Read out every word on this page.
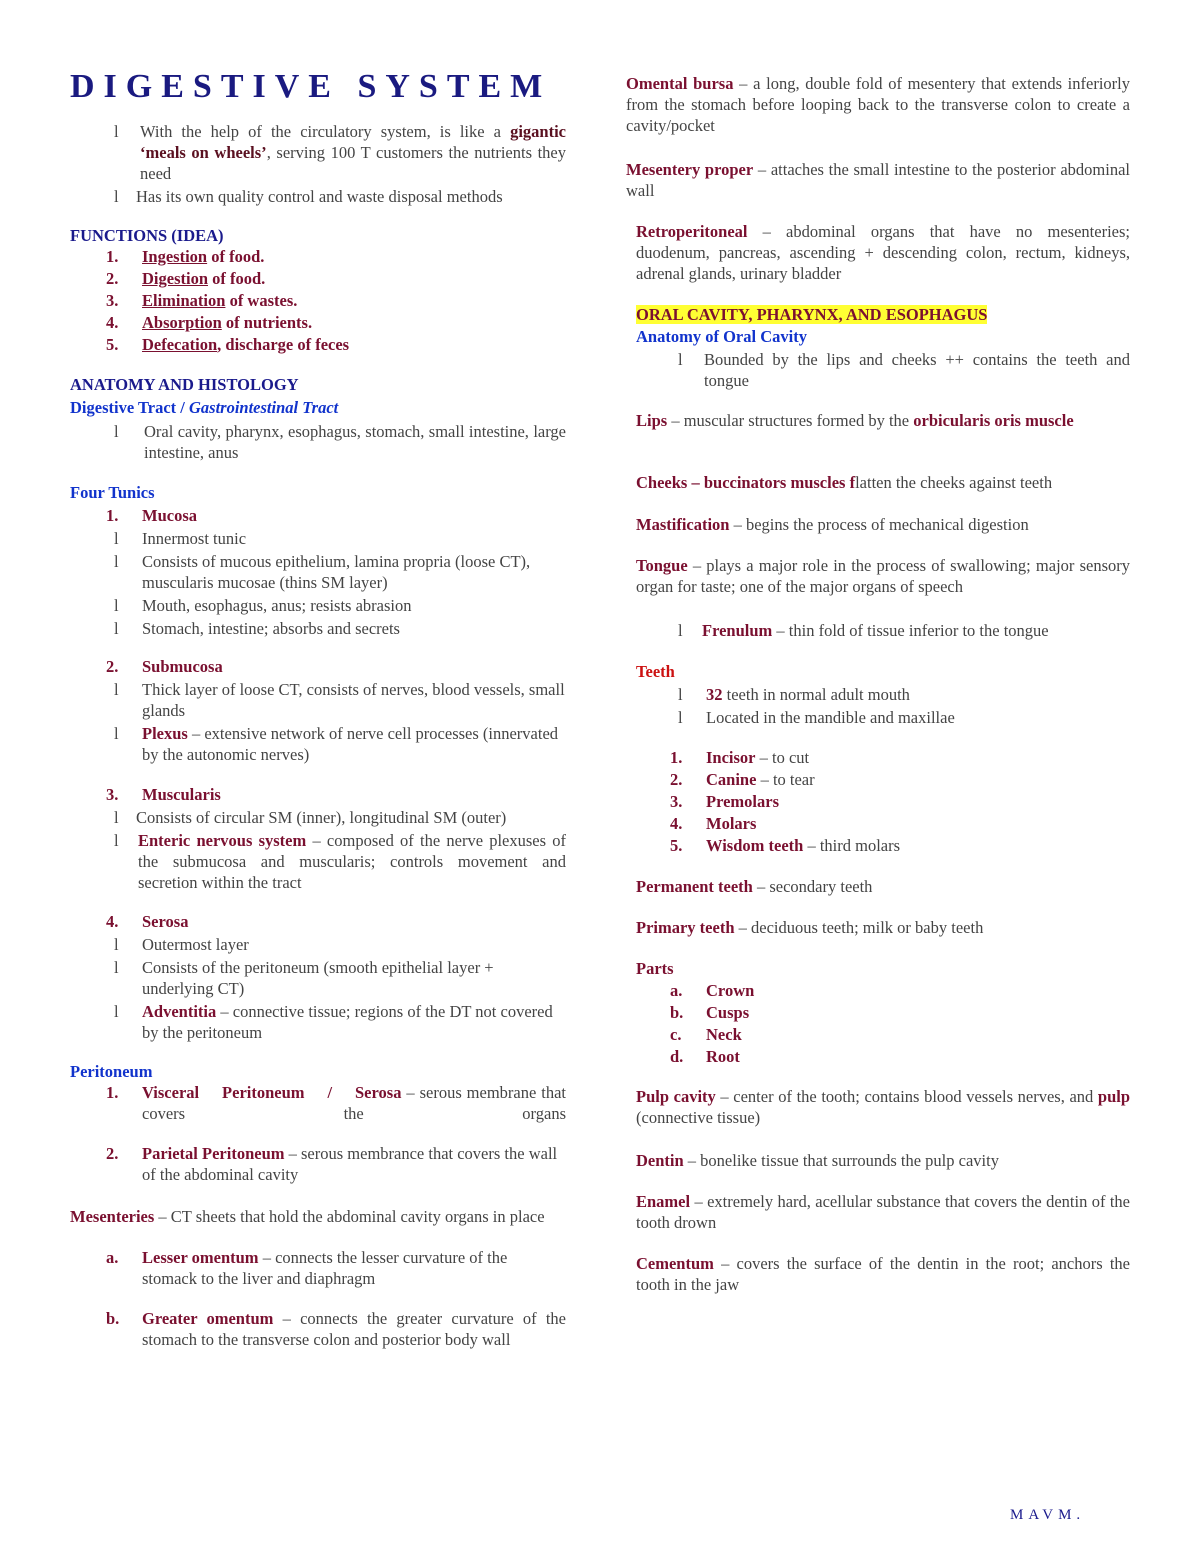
DIGESTIVE SYSTEM
l	With the help of the circulatory system, is like a gigantic ‘meals on wheels’, serving 100 T customers the nutrients they need
l	Has its own quality control and waste disposal methods
FUNCTIONS (IDEA)
1.	Ingestion of food.
2.	Digestion of food.
3.	Elimination of wastes.
4.	Absorption of nutrients.
5.	Defecation, discharge of feces
ANATOMY AND HISTOLOGY
Digestive Tract / Gastrointestinal Tract
l	Oral cavity, pharynx, esophagus, stomach, small intestine, large intestine, anus
Four Tunics
1.	Mucosa
l	Innermost tunic
l	Consists of mucous epithelium, lamina propria (loose CT), muscularis mucosae (thins SM layer)
l	Mouth, esophagus, anus; resists abrasion
l	Stomach, intestine; absorbs and secrets
2.	Submucosa
l	Thick layer of loose CT, consists of nerves, blood vessels, small glands
l	Plexus – extensive network of nerve cell processes (innervated by the autonomic nerves)
3.	Muscularis
l	Consists of circular SM (inner), longitudinal SM (outer)
l	Enteric nervous system – composed of the nerve plexuses of the submucosa and muscularis; controls movement and secretion within the tract
4.	Serosa
l	Outermost layer
l	Consists of the peritoneum (smooth epithelial layer + underlying CT)
l	Adventitia – connective tissue; regions of the DT not covered by the peritoneum
Peritoneum
1.	Visceral Peritoneum / Serosa – serous membrane that covers the organs
2.	Parietal Peritoneum – serous membrance that covers the wall of the abdominal cavity
Mesenteries – CT sheets that hold the abdominal cavity organs in place
a.	Lesser omentum – connects the lesser curvature of the stomack to the liver and diaphragm
b.	Greater omentum – connects the greater curvature of the stomach to the transverse colon and posterior body wall
Omental bursa – a long, double fold of mesentery that extends inferiorly from the stomach before looping back to the transverse colon to create a cavity/pocket
Mesentery proper – attaches the small intestine to the posterior abdominal wall
Retroperitoneal – abdominal organs that have no mesenteries; duodenum, pancreas, ascending + descending colon, rectum, kidneys, adrenal glands, urinary bladder
ORAL CAVITY, PHARYNX, AND ESOPHAGUS
Anatomy of Oral Cavity
l	Bounded by the lips and cheeks ++ contains the teeth and tongue
Lips – muscular structures formed by the orbicularis oris muscle
Cheeks – buccinators muscles flatten the cheeks against teeth
Mastification – begins the process of mechanical digestion
Tongue – plays a major role in the process of swallowing; major sensory organ for taste; one of the major organs of speech
l	Frenulum – thin fold of tissue inferior to the tongue
Teeth
l	32 teeth in normal adult mouth
l	Located in the mandible and maxillae
1.	Incisor – to cut
2.	Canine – to tear
3.	Premolars
4.	Molars
5.	Wisdom teeth – third molars
Permanent teeth – secondary teeth
Primary teeth – deciduous teeth; milk or baby teeth
Parts
a.	Crown
b.	Cusps
c.	Neck
d.	Root
Pulp cavity – center of the tooth; contains blood vessels nerves, and pulp (connective tissue)
Dentin – bonelike tissue that surrounds the pulp cavity
Enamel – extremely hard, acellular substance that covers the dentin of the tooth drown
Cementum – covers the surface of the dentin in the root; anchors the tooth in the jaw
MAVM.
